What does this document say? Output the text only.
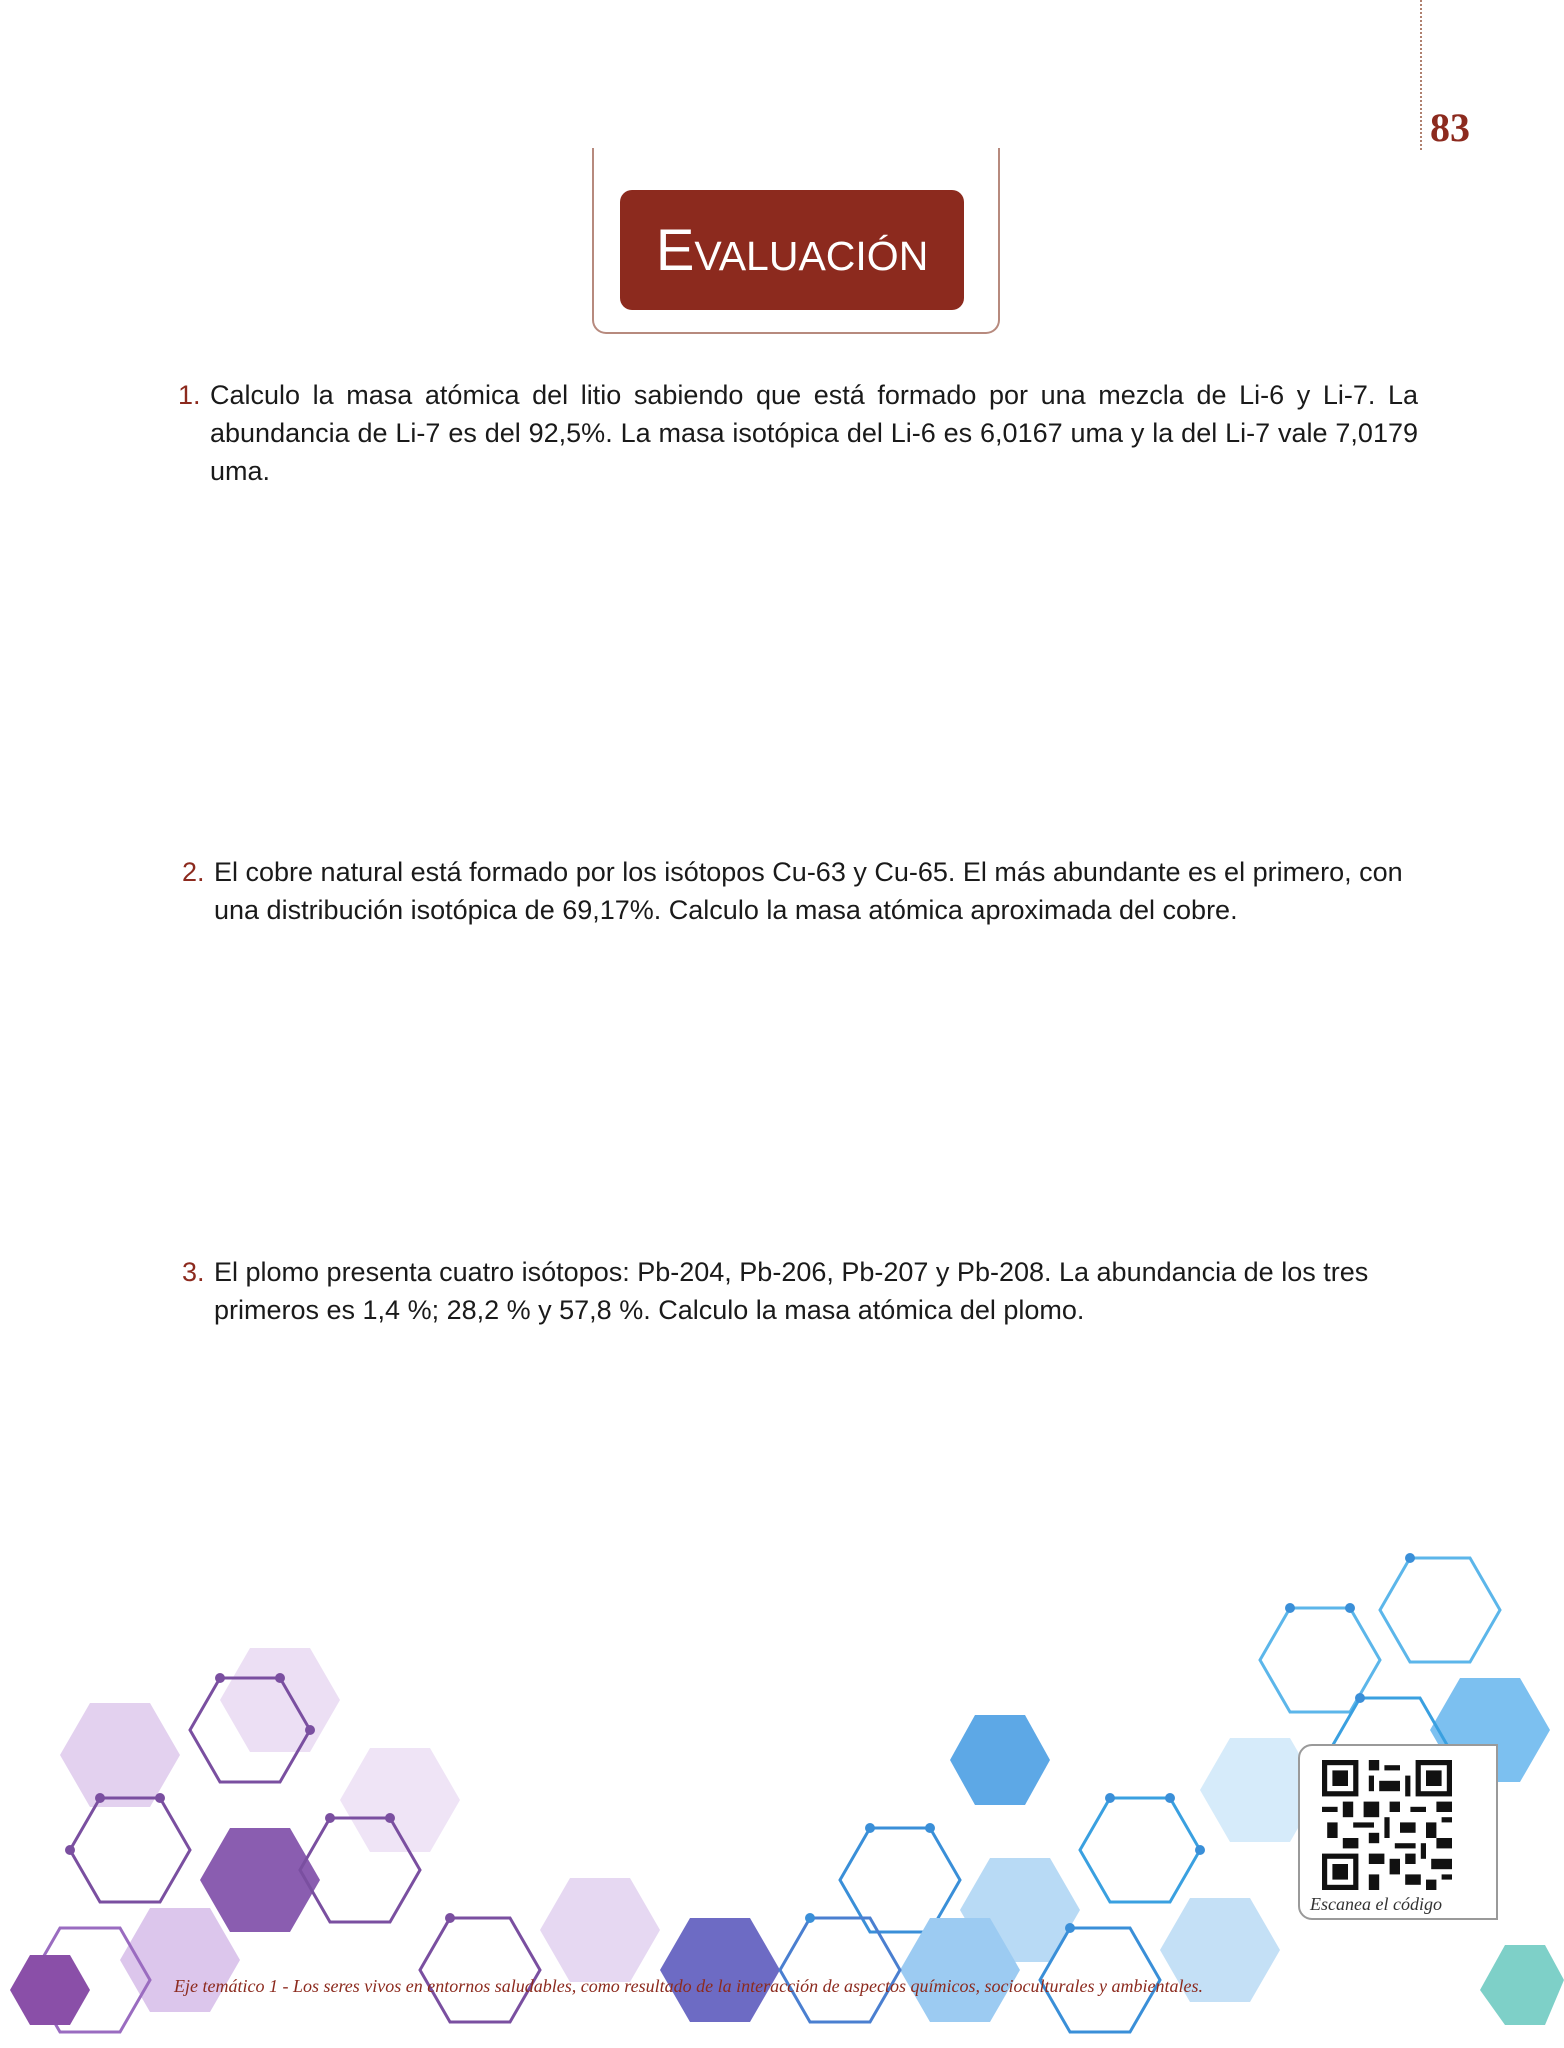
83
Evaluación
1. Calculo la masa atómica del litio sabiendo que está formado por una mezcla de Li-6 y Li-7. La abundancia de Li-7 es del 92,5%. La masa isotópica del Li-6 es 6,0167 uma y la del Li-7 vale 7,0179 uma.
2. El cobre natural está formado por los isótopos Cu-63 y Cu-65. El más abundante es el primero, con una distribución isotópica de 69,17%. Calculo la masa atómica aproximada del cobre.
3. El plomo presenta cuatro isótopos: Pb-204, Pb-206, Pb-207 y Pb-208. La abundancia de los tres primeros es 1,4 %; 28,2 % y 57,8 %. Calculo la masa atómica del plomo.
Escanea el código
Eje temático 1 - Los seres vivos en entornos saludables, como resultado de la interacción de aspectos químicos, socioculturales y ambientales.
